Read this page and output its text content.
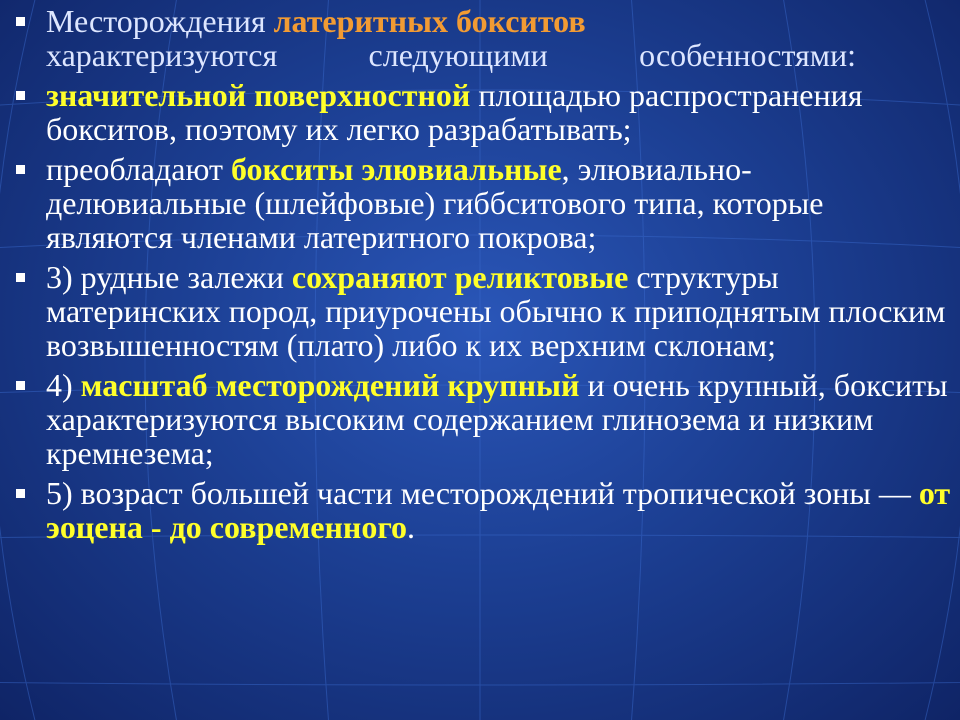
Месторождения латеритных бокситов
характеризуются	следующими	особенностями:
значительной поверхностной площадью распространения бокситов, поэтому их легко разрабатывать;
преобладают бокситы элювиальные, элювиально-делювиальные (шлейфовые) гиббситового типа, которые являются членами латеритного покрова;
3) рудные залежи сохраняют реликтовые структуры материнских пород, приурочены обычно к приподнятым плоским возвышенностям (плато) либо к их верхним склонам;
4) масштаб месторождений крупный и очень крупный, бокситы характеризуются высоким содержанием глинозема и низким кремнезема;
5) возраст большей части месторождений тропической зоны — от эоцена - до современного.
